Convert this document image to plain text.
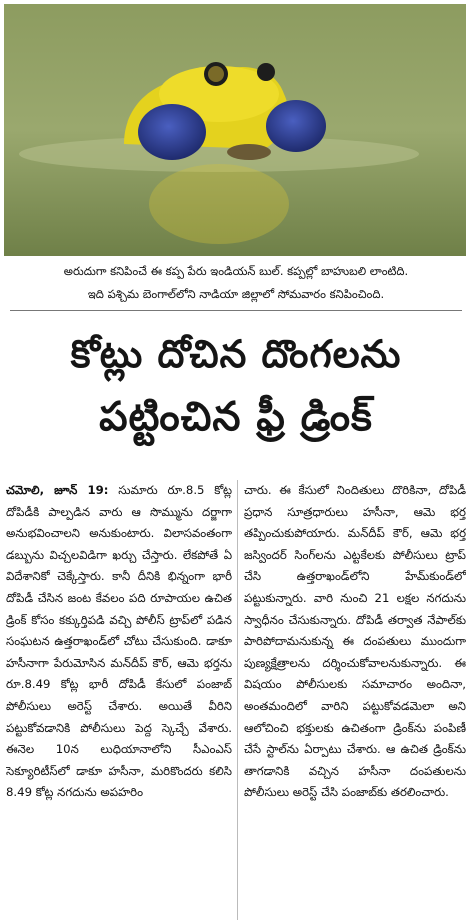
అరుదుగా కనిపించే ఈ కప్ప పేరు ఇండియన్ బుల్. కప్పల్లో బాహుబలి లాంటిది.
ఇది పశ్చిమ బెంగాల్‌లోని నాడియా జిల్లాలో సోమవారం కనిపించింది.
కోట్లు దోచిన దొంగలను
పట్టించిన ఫ్రీ డ్రింక్

చమోలి, జూన్ 19: సుమారు రూ.8.5 కోట్ల దోపిడీకి పాల్పడిన వారు ఆ సొమ్మును దర్జాగా అనుభవించాలని అనుకుంటారు. విలాసవంతంగా డబ్బును విచ్చలవిడిగా ఖర్చు చేస్తారు. లేకపోతే ఏ విదేశానికో చెక్కేస్తారు. కానీ దీనికి భిన్నంగా భారీ దోపిడీ చేసిన జంట కేవలం పది రూపాయల ఉచిత డ్రింక్ కోసం కక్కుర్తిపడి వచ్చి పోలీస్ ట్రాప్‌లో పడిన సంఘటన ఉత్తరాఖండ్‌లో చోటు చేసుకుంది. డాకూ హసీనాగా పేరుమోసిన మన్‌దీప్ కౌర్, ఆమె భర్తను రూ.8.49 కోట్ల భారీ దోపిడీ కేసులో పంజాబ్ పోలీసులు అరెస్ట్ చేశారు. అయితే వీరిని పట్టుకోవడానికి పోలీసులు పెద్ద స్కెచ్చే వేశారు. ఈనెల 10న లుధియానాలోని సీఎంఎస్ సెక్యూరిటీస్‌లో డాకూ హసీనా, మరికొందరు కలిసి 8.49 కోట్ల నగదును అపహరిం

చారు. ఈ కేసులో నిందితులు దొరికినా, దోపిడీ ప్రధాన సూత్రధారులు హసీనా, ఆమె భర్త తప్పించుకుపోయారు. మన్‌దీప్ కౌర్, ఆమె భర్త జస్విందర్ సింగ్‌లను ఎట్టకేలకు పోలీసులు ట్రాప్ చేసి ఉత్తరాఖండ్‌లోని హేమ్‌కుండ్‌లో పట్టుకున్నారు. వారి నుంచి 21 లక్షల నగదును స్వాధీనం చేసుకున్నారు. దోపిడీ తర్వాత నేపాల్‌కు పారిపోదామనుకున్న ఈ దంపతులు ముందుగా పుణ్యక్షేత్రాలను దర్శించుకోవాలనుకున్నారు. ఈ విషయం పోలీసులకు సమాచారం అందినా, అంతమందిలో వారిని పట్టుకోవడమెలా అని ఆలోచించి భక్తులకు ఉచితంగా డ్రింక్‌ను పంపిణీ చేసే స్టాల్‌ను ఏర్పాటు చేశారు. ఆ ఉచిత డ్రింక్‌ను తాగడానికి వచ్చిన హసీనా దంపతులను పోలీసులు అరెస్ట్ చేసి పంజాబ్‌కు తరలించారు.
